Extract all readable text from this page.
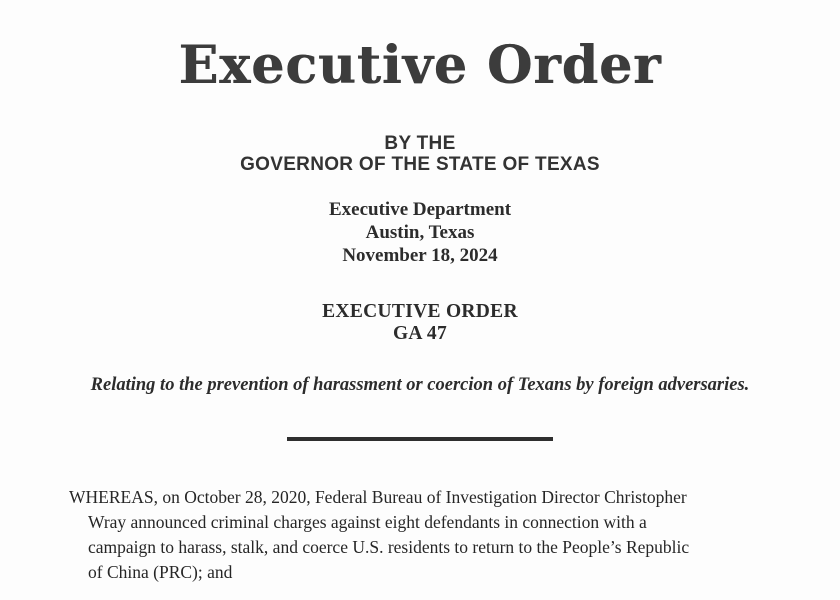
Executive Order
BY THE
GOVERNOR OF THE STATE OF TEXAS
Executive Department
Austin, Texas
November 18, 2024
EXECUTIVE ORDER
GA 47

Relating to the prevention of harassment or coercion of Texans by foreign adversaries.

WHEREAS, on October 28, 2020, Federal Bureau of Investigation Director Christopher
Wray announced criminal charges against eight defendants in connection with a
campaign to harass, stalk, and coerce U.S. residents to return to the People’s Republic
of China (PRC); and
